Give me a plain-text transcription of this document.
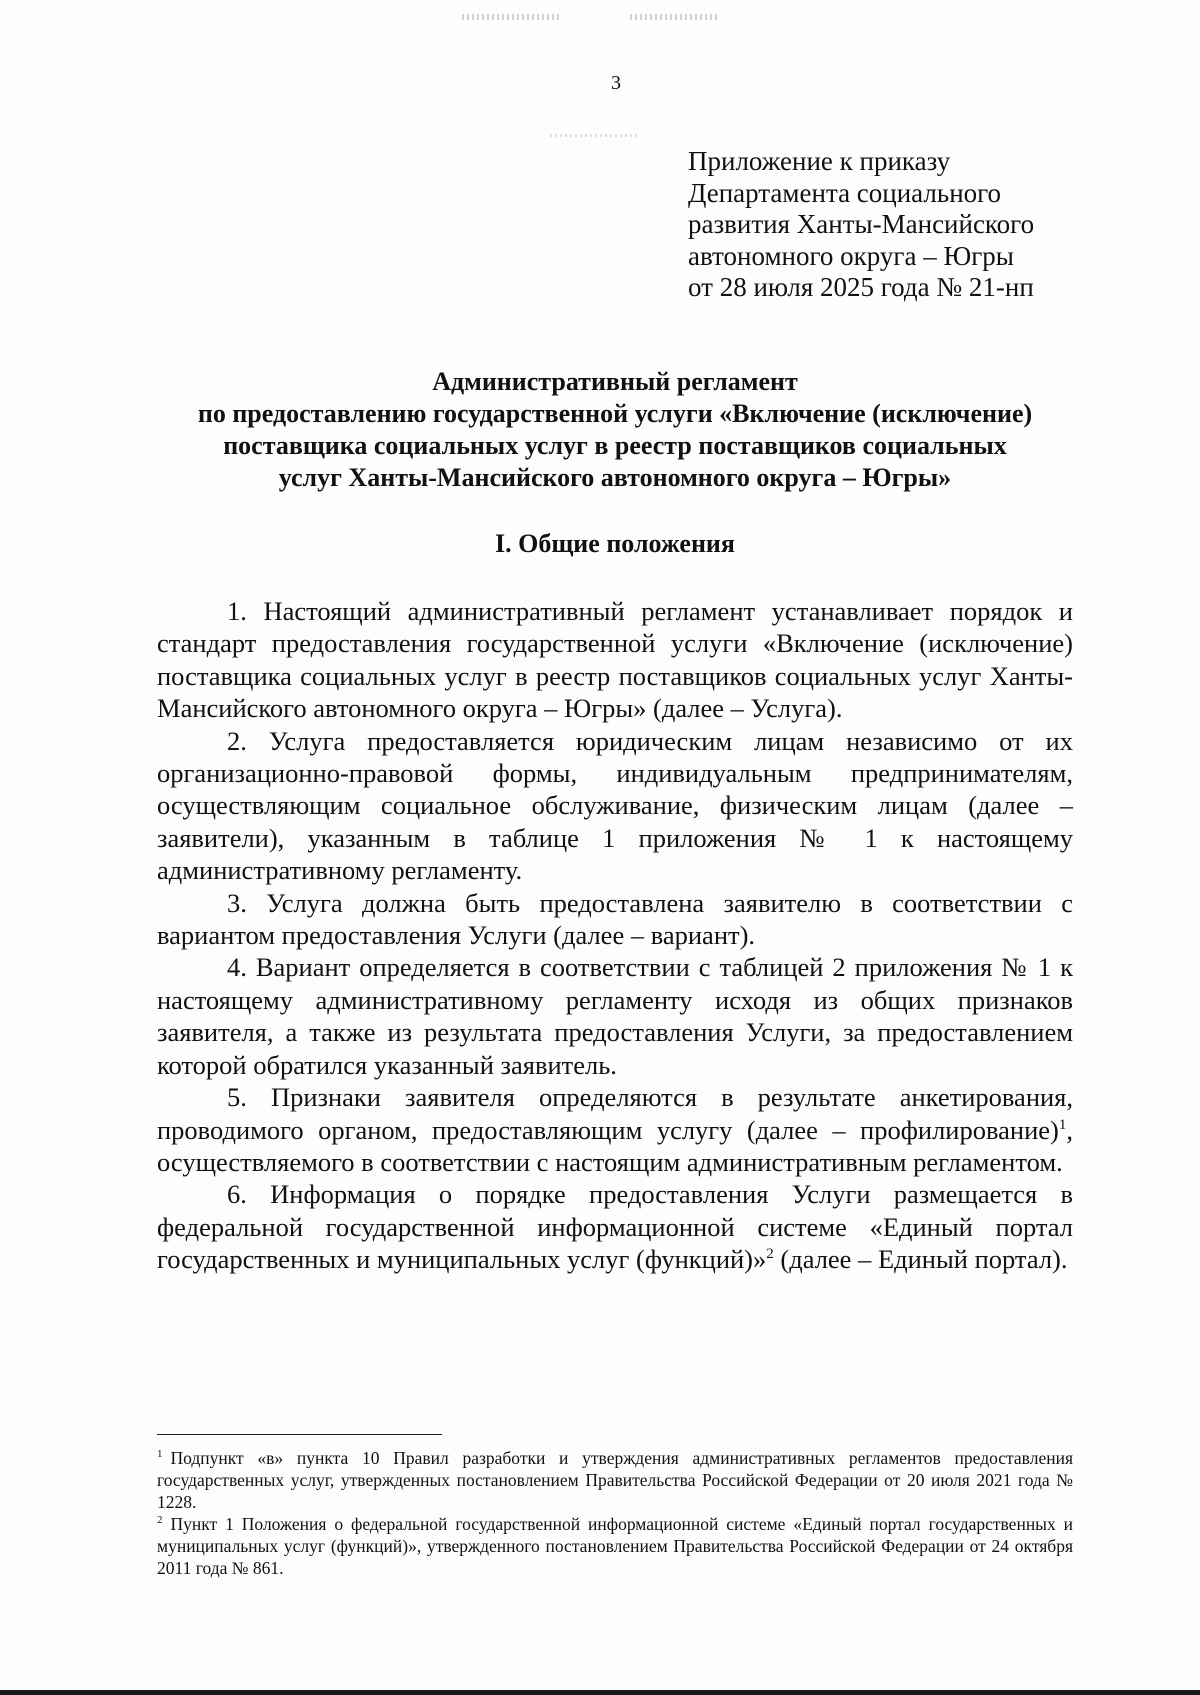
3
Приложение к приказу
Департамента социального
развития Ханты-Мансийского
автономного округа – Югры
от 28 июля 2025 года № 21-нп
Административный регламент
по предоставлению государственной услуги «Включение (исключение)
поставщика социальных услуг в реестр поставщиков социальных
услуг Ханты-Мансийского автономного округа – Югры»
I. Общие положения

1. Настоящий административный регламент устанавливает порядок и стандарт предоставления государственной услуги «Включение (исключение) поставщика социальных услуг в реестр поставщиков социальных услуг Ханты-Мансийского автономного округа – Югры» (далее – Услуга).

2. Услуга предоставляется юридическим лицам независимо от их организационно-правовой формы, индивидуальным предпринимателям, осуществляющим социальное обслуживание, физическим лицам (далее – заявители), указанным в таблице 1 приложения № 1 к настоящему административному регламенту.

3. Услуга должна быть предоставлена заявителю в соответствии с вариантом предоставления Услуги (далее – вариант).

4. Вариант определяется в соответствии с таблицей 2 приложения № 1 к настоящему административному регламенту исходя из общих признаков заявителя, а также из результата предоставления Услуги, за предоставлением которой обратился указанный заявитель.

5. Признаки заявителя определяются в результате анкетирования, проводимого органом, предоставляющим услугу (далее – профилирование)$^1$, осуществляемого в соответствии с настоящим административным регламентом.

6. Информация о порядке предоставления Услуги размещается в федеральной государственной информационной системе «Единый портал государственных и муниципальных услуг (функций)»$^2$ (далее – Единый портал).

$^1$ Подпункт «в» пункта 10 Правил разработки и утверждения административных регламентов предоставления государственных услуг, утвержденных постановлением Правительства Российской Федерации от 20 июля 2021 года № 1228.

$^2$ Пункт 1 Положения о федеральной государственной информационной системе «Единый портал государственных и муниципальных услуг (функций)», утвержденного постановлением Правительства Российской Федерации от 24 октября 2011 года № 861.
